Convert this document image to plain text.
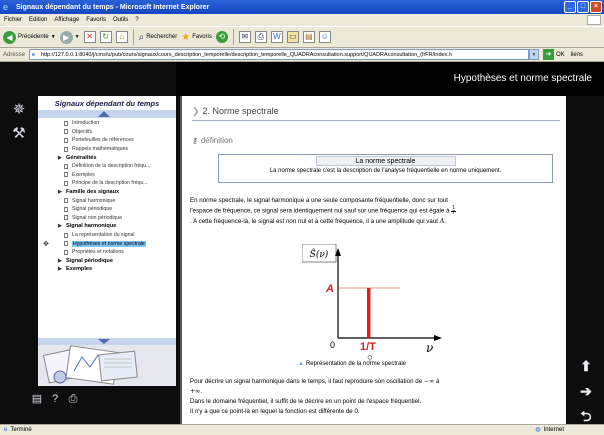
e	Signaux dépendant du temps - Microsoft Internet Explorer	_	□	×
Fichier Edition Affichage Favoris Outils ?
◀ Précédente ▼ ▶	▼ ✕	↻	⌂	⌕ Rechercher ★ Favoris ⟲	✉	⎙	W ▭ ▤ ☺
Adresse
e	http://127.0.0.1:8040/j/cms/u/pub/cours/signaux/cours_description_temporelle/description_temporelle_QUADRAconsultation.support/QUADRAconsultation_(frFR/index.h	▼	➔ OK liens
Hypothèses et norme spectrale
✵
⚒
Signaux dépendant du temps
Introduction
Objectifs
Portefeuilles de références
Rappels mathématiques
▶ Généralités
Définition de la description fréqu...
Exemples
Principe de la description fréqu...
▶ Famille des signaux
Signal harmonique
Signal périodique
Signal non périodique
▶ Signal harmonique
La représentation du signal
✥	Hypothèses et norme spectrale
Propriétés et notations
▶ Signal périodique
▶ Exemples
▤ ? ⎙
❯ 2. Norme spectrale
⚷ définition
La norme spectrale
La norme spectrale c'est la description de l'analyse fréquentielle en norme uniquement.
En norme spectrale, le signal harmonique a une seule composante fréquentielle, donc sur tout
l'espace de fréquence, ce signal sera identiquement nul sauf sur une fréquence qui est égale à 1
T
. A cette fréquence-là, le signal est non nul et à cette fréquence, il a une amplitude qui vaut A.
S̃(ν)
A
0 1/T	ν
⚲
▲ Représentation de la norme spectrale
Pour décrire un signal harmonique dans le temps, il faut reproduire son oscillation de −∞ à
+∞.
Dans le domaine fréquentiel, il suffit de le décrire en un point de l'espace fréquentiel.
Il n'y a que ce point-là en lequel la fonction est différente de 0.
⬆
➔
⮌
e Terminé	◍ Internet
